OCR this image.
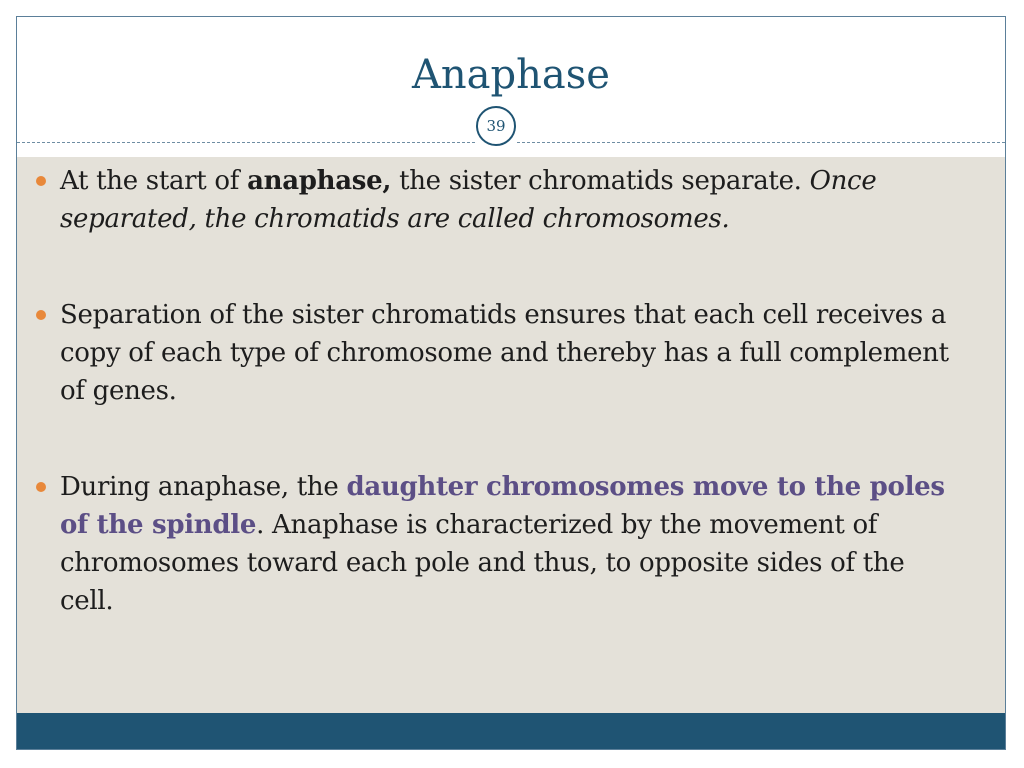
Anaphase
39
At the start of anaphase, the sister chromatids separate. Once separated, the chromatids are called chromosomes.
Separation of the sister chromatids ensures that each cell receives a copy of each type of chromosome and thereby has a full complement of genes.
During anaphase, the daughter chromosomes move to the poles of the spindle. Anaphase is characterized by the movement of chromosomes toward each pole and thus, to opposite sides of the cell.
